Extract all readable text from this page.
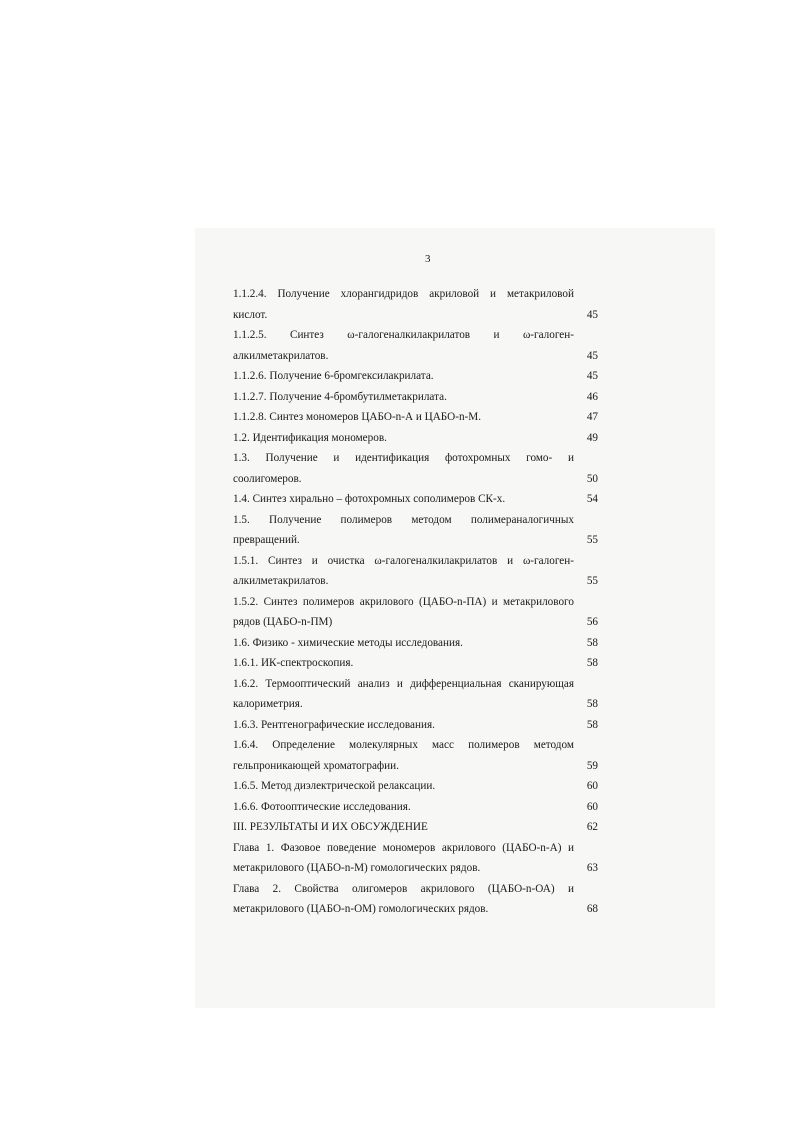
3
1.1.2.4. Получение хлорангидридов акриловой и метакриловой
кислот.	45
1.1.2.5. Синтез ω-галогеналкилакрилатов и ω-галоген-
алкилметакрилатов.	45
1.1.2.6. Получение 6-бромгексилакрилата.	45
1.1.2.7. Получение 4-бромбутилметакрилата.	46
1.1.2.8. Синтез мономеров ЦАБО-n-А и ЦАБО-n-М.	47
1.2. Идентификация мономеров.	49
1.3. Получение и идентификация фотохромных гомо- и
соолигомеров.	50
1.4. Синтез хирально – фотохромных сополимеров СК-х.	54
1.5. Получение полимеров методом полимераналогичных
превращений.	55
1.5.1. Синтез и очистка ω-галогеналкилакрилатов и ω-галоген-
алкилметакрилатов.	55
1.5.2. Синтез полимеров акрилового (ЦАБО-n-ПА) и метакрилового
рядов (ЦАБО-n-ПМ)	56
1.6. Физико - химические методы исследования.	58
1.6.1. ИК-спектроскопия.	58
1.6.2. Термооптический анализ и дифференциальная сканирующая
калориметрия.	58
1.6.3. Рентгенографические исследования.	58
1.6.4. Определение молекулярных масс полимеров методом
гельпроникающей хроматографии.	59
1.6.5. Метод диэлектрической релаксации.	60
1.6.6. Фотооптические исследования.	60
III. РЕЗУЛЬТАТЫ И ИХ ОБСУЖДЕНИЕ	62
Глава 1. Фазовое поведение мономеров акрилового (ЦАБО-n-А) и
метакрилового (ЦАБО-n-М) гомологических рядов.	63
Глава 2. Свойства олигомеров акрилового (ЦАБО-n-ОА) и
метакрилового (ЦАБО-n-ОМ) гомологических рядов.	68
